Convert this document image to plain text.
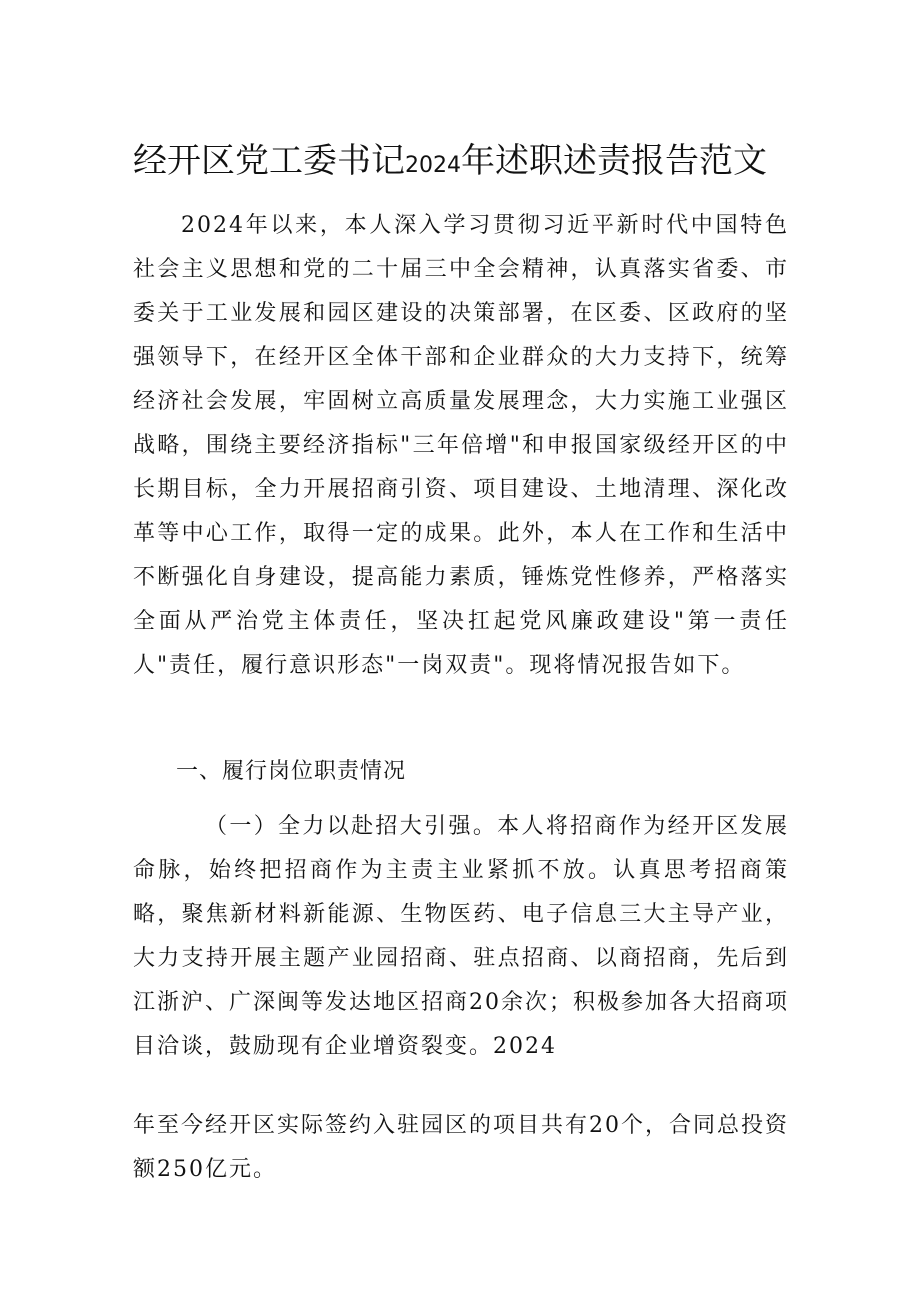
经开区党工委书记2024年述职述责报告范文

2024年以来，本人深入学习贯彻习近平新时代中国特色社会主义思想和党的二十届三中全会精神，认真落实省委、市委关于工业发展和园区建设的决策部署，在区委、区政府的坚强领导下，在经开区全体干部和企业群众的大力支持下，统筹经济社会发展，牢固树立高质量发展理念，大力实施工业强区战略，围绕主要经济指标"三年倍增"和申报国家级经开区的中长期目标，全力开展招商引资、项目建设、土地清理、深化改革等中心工作，取得一定的成果。此外，本人在工作和生活中不断强化自身建设，提高能力素质，锤炼党性修养，严格落实全面从严治党主体责任，坚决扛起党风廉政建设"第一责任人"责任，履行意识形态"一岗双责"。现将情况报告如下。

一、履行岗位职责情况

（一）全力以赴招大引强。本人将招商作为经开区发展命脉，始终把招商作为主责主业紧抓不放。认真思考招商策略，聚焦新材料新能源、生物医药、电子信息三大主导产业，大力支持开展主题产业园招商、驻点招商、以商招商，先后到江浙沪、广深闽等发达地区招商20余次；积极参加各大招商项目洽谈，鼓励现有企业增资裂变。2024

年至今经开区实际签约入驻园区的项目共有20个，合同总投资额250亿元。
